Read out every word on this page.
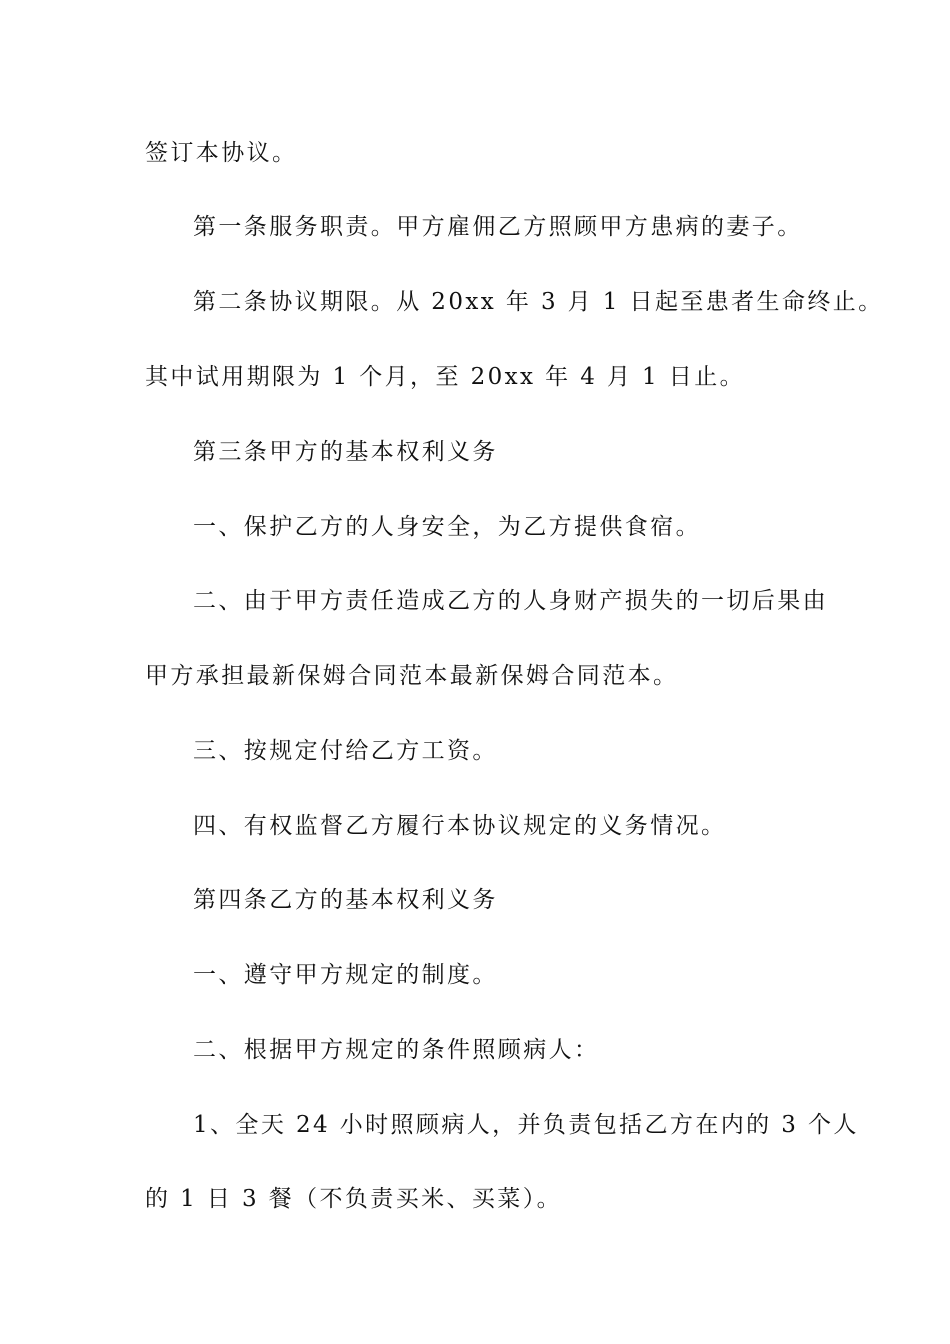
签订本协议。
第一条服务职责。甲方雇佣乙方照顾甲方患病的妻子。
第二条协议期限。从 20xx 年 3 月 1 日起至患者生命终止。
其中试用期限为 1 个月，至 20xx 年 4 月 1 日止。
第三条甲方的基本权利义务
一、保护乙方的人身安全，为乙方提供食宿。
二、由于甲方责任造成乙方的人身财产损失的一切后果由
甲方承担最新保姆合同范本最新保姆合同范本。
三、按规定付给乙方工资。
四、有权监督乙方履行本协议规定的义务情况。
第四条乙方的基本权利义务
一、遵守甲方规定的制度。
二、根据甲方规定的条件照顾病人：
1、全天 24 小时照顾病人，并负责包括乙方在内的 3 个人
的 1 日 3 餐（不负责买米、买菜）。
